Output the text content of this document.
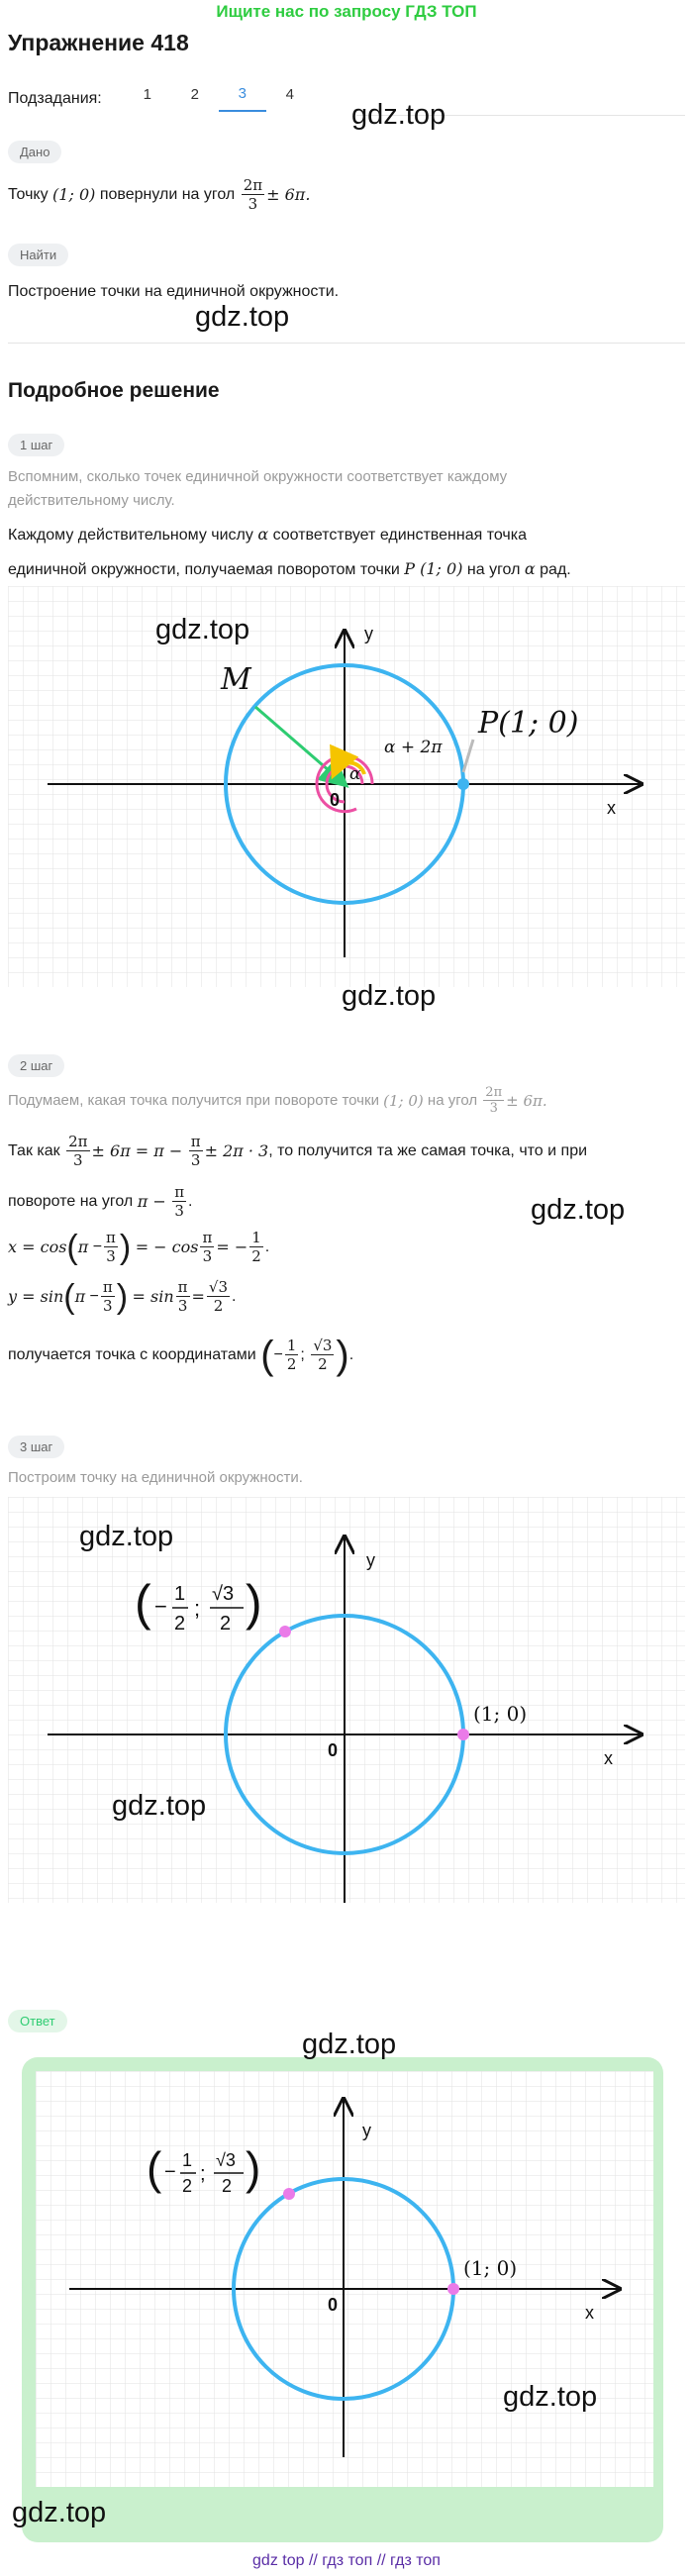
Ищите нас по запросу ГДЗ ТОП
Упражнение 418
Подзадания:	1	2	3	4
gdz.top
Дано
Точку
(1; 0)
повернули на угол
$\frac{2\pi}{3} \pm 6\pi$.
Найти
Построение точки на единичной окружности.
gdz.top
Подробное решение
1 шаг
Вспомним, сколько точек единичной окружности соответствует каждому действительному числу.
Каждому действительному числу α соответствует единственная точка
единичной окружности, получаемая поворотом точки P (1; 0) на угол α рад.
y
x
0
M
P(1; 0)
α + 2π
α
gdz.top
gdz.top
2 шаг
Подумаем, какая точка получится при повороте точки
(1; 0)
на угол
$\frac{2\pi}{3} \pm 6\pi$.
Так как
$\frac{2\pi}{3} \pm 6\pi = \pi$ −
$\frac{\pi}{3} \pm 2\pi \cdot 3$ , то получится та же самая точка, что и при
повороте на угол
π −
$\frac{\pi}{3}$ .	gdz.top
x = cos ( π
− $\frac{\pi}{3}$ )
= − $\cos \frac{\pi}{3}$ = − $\frac{1}{2}$ .
y = sin ( π
− $\frac{\pi}{3}$ )
= $\sin \frac{\pi}{3} = \frac{√3}{2}$ .
получается точка с координатами
( − $\frac{1}{2}$ ;
$\frac{√3}{2}$ ) .
3 шаг
Построим точку на единичной окружности.
y
x
0
(1; 0)
( − 1
2
;
√3
2 )
gdz.top
gdz.top
Ответ
gdz.top
y
x
0
(1; 0)
( −
1
2
;
√3
2 )
gdz.top
gdz.top
gdz top // гдз топ // гдз топ
